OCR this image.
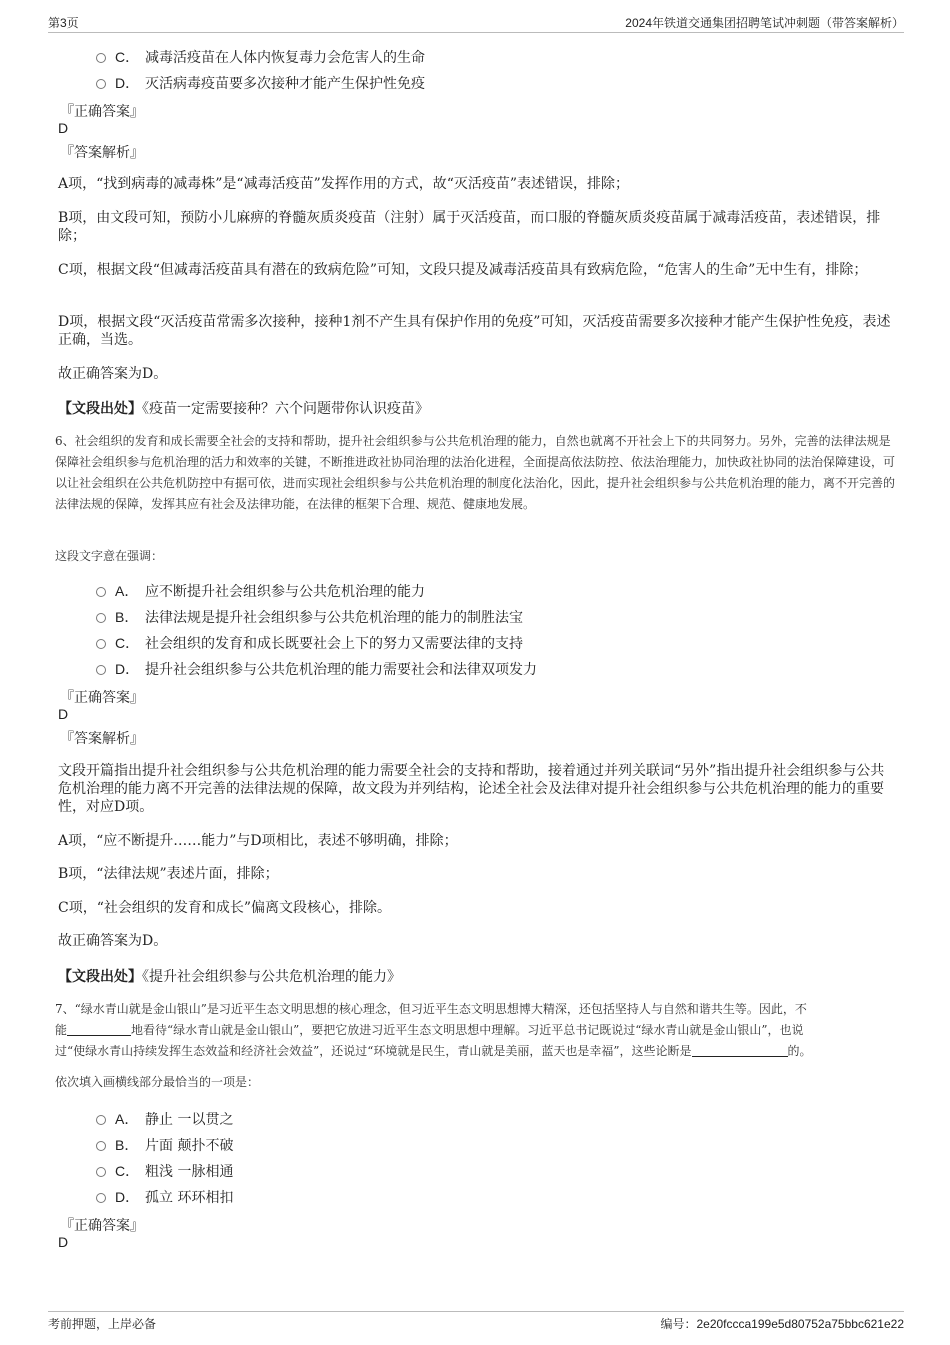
第3页	2024年铁道交通集团招聘笔试冲刺题（带答案解析）
C． 减毒活疫苗在人体内恢复毒力会危害人的生命
D． 灭活病毒疫苗要多次接种才能产生保护性免疫
『正确答案』
D
『答案解析』
A项，“找到病毒的减毒株”是“减毒活疫苗”发挥作用的方式，故“灭活疫苗”表述错误，排除；
B项，由文段可知，预防小儿麻痹的脊髓灰质炎疫苗（注射）属于灭活疫苗，而口服的脊髓灰质炎疫苗属于减毒活疫苗，表述错误，排除；
C项，根据文段“但减毒活疫苗具有潜在的致病危险”可知，文段只提及减毒活疫苗具有致病危险，“危害人的生命”无中生有，排除；
D项，根据文段“灭活疫苗常需多次接种，接种1剂不产生具有保护作用的免疫”可知，灭活疫苗需要多次接种才能产生保护性免疫，表述正确，当选。
故正确答案为D。
【文段出处】《疫苗一定需要接种？六个问题带你认识疫苗》
6、社会组织的发育和成长需要全社会的支持和帮助，提升社会组织参与公共危机治理的能力，自然也就离不开社会上下的共同努力。另外，完善的法律法规是保障社会组织参与危机治理的活力和效率的关键，不断推进政社协同治理的法治化进程，全面提高依法防控、依法治理能力，加快政社协同的法治保障建设，可以让社会组织在公共危机防控中有据可依，进而实现社会组织参与公共危机治理的制度化法治化，因此，提升社会组织参与公共危机治理的能力，离不开完善的法律法规的保障，发挥其应有社会及法律功能，在法律的框架下合理、规范、健康地发展。
这段文字意在强调：
A． 应不断提升社会组织参与公共危机治理的能力
B． 法律法规是提升社会组织参与公共危机治理的能力的制胜法宝
C． 社会组织的发育和成长既要社会上下的努力又需要法律的支持
D． 提升社会组织参与公共危机治理的能力需要社会和法律双项发力
『正确答案』
D
『答案解析』
文段开篇指出提升社会组织参与公共危机治理的能力需要全社会的支持和帮助，接着通过并列关联词“另外”指出提升社会组织参与公共危机治理的能力离不开完善的法律法规的保障，故文段为并列结构，论述全社会及法律对提升社会组织参与公共危机治理的能力的重要性，对应D项。
A项，“应不断提升……能力”与D项相比，表述不够明确，排除；
B项，“法律法规”表述片面，排除；
C项，“社会组织的发育和成长”偏离文段核心，排除。
故正确答案为D。
【文段出处】《提升社会组织参与公共危机治理的能力》
7、“绿水青山就是金山银山”是习近平生态文明思想的核心理念，但习近平生态文明思想博大精深，还包括坚持人与自然和谐共生等。因此，不
能	地看待“绿水青山就是金山银山”，要把它放进习近平生态文明思想中理解。习近平总书记既说过“绿水青山就是金山银山”，也说
过“使绿水青山持续发挥生态效益和经济社会效益”，还说过“环境就是民生，青山就是美丽，蓝天也是幸福”，这些论断是	的。
依次填入画横线部分最恰当的一项是：
A． 静止 一以贯之
B． 片面 颠扑不破
C． 粗浅 一脉相通
D． 孤立 环环相扣
『正确答案』
D
考前押题，上岸必备	编号：2e20fccca199e5d80752a75bbc621e22
